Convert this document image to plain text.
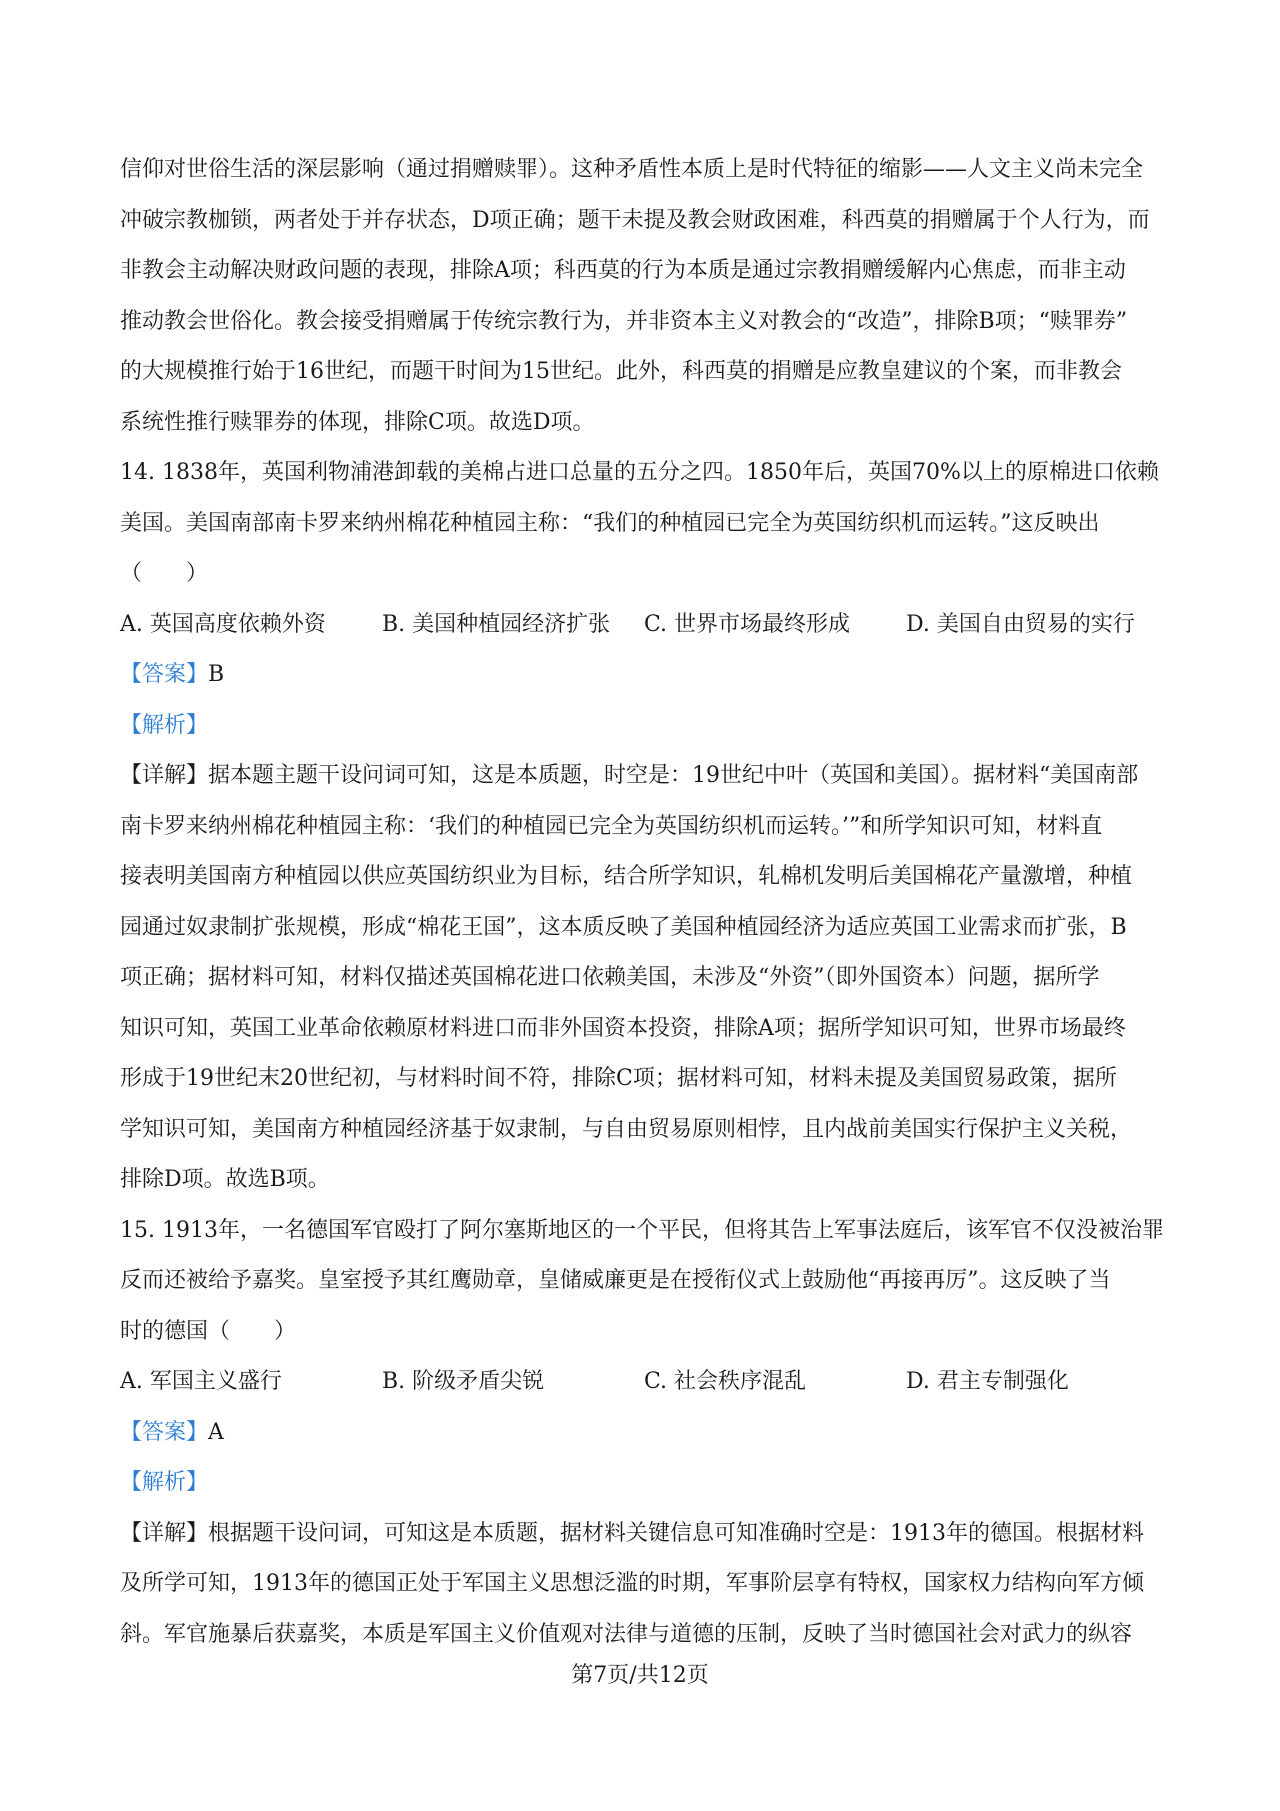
信仰对世俗生活的深层影响（通过捐赠赎罪）。这种矛盾性本质上是时代特征的缩影——人文主义尚未完全

冲破宗教枷锁，两者处于并存状态，D项正确；题干未提及教会财政困难，科西莫的捐赠属于个人行为，而

非教会主动解决财政问题的表现，排除A项；科西莫的行为本质是通过宗教捐赠缓解内心焦虑，而非主动

推动教会世俗化。教会接受捐赠属于传统宗教行为，并非资本主义对教会的“改造”，排除B项；“赎罪券”

的大规模推行始于16世纪，而题干时间为15世纪。此外，科西莫的捐赠是应教皇建议的个案，而非教会

系统性推行赎罪券的体现，排除C项。故选D项。

14. 1838年，英国利物浦港卸载的美棉占进口总量的五分之四。1850年后，英国70%以上的原棉进口依赖

美国。美国南部南卡罗来纳州棉花种植园主称：“我们的种植园已完全为英国纺织机而运转。”这反映出

（　　）

A. 英国高度依赖外资	B. 美国种植园经济扩张	C. 世界市场最终形成	D. 美国自由贸易的实行

【答案】B

【解析】

【详解】据本题主题干设问词可知，这是本质题，时空是：19世纪中叶（英国和美国）。据材料“美国南部

南卡罗来纳州棉花种植园主称：‘我们的种植园已完全为英国纺织机而运转。’”和所学知识可知，材料直

接表明美国南方种植园以供应英国纺织业为目标，结合所学知识，轧棉机发明后美国棉花产量激增，种植

园通过奴隶制扩张规模，形成“棉花王国”，这本质反映了美国种植园经济为适应英国工业需求而扩张，B

项正确；据材料可知，材料仅描述英国棉花进口依赖美国，未涉及“外资”（即外国资本）问题，据所学

知识可知，英国工业革命依赖原材料进口而非外国资本投资，排除A项；据所学知识可知，世界市场最终

形成于19世纪末20世纪初，与材料时间不符，排除C项；据材料可知，材料未提及美国贸易政策，据所

学知识可知，美国南方种植园经济基于奴隶制，与自由贸易原则相悖，且内战前美国实行保护主义关税，

排除D项。故选B项。

15. 1913年，一名德国军官殴打了阿尔塞斯地区的一个平民，但将其告上军事法庭后，该军官不仅没被治罪

反而还被给予嘉奖。皇室授予其红鹰勋章，皇储威廉更是在授衔仪式上鼓励他“再接再厉”。这反映了当

时的德国（　　）

A. 军国主义盛行	B. 阶级矛盾尖锐	C. 社会秩序混乱	D. 君主专制强化

【答案】A

【解析】

【详解】根据题干设问词，可知这是本质题，据材料关键信息可知准确时空是：1913年的德国。根据材料

及所学可知，1913年的德国正处于军国主义思想泛滥的时期，军事阶层享有特权，国家权力结构向军方倾

斜。军官施暴后获嘉奖，本质是军国主义价值观对法律与道德的压制，反映了当时德国社会对武力的纵容

第7页/共12页
